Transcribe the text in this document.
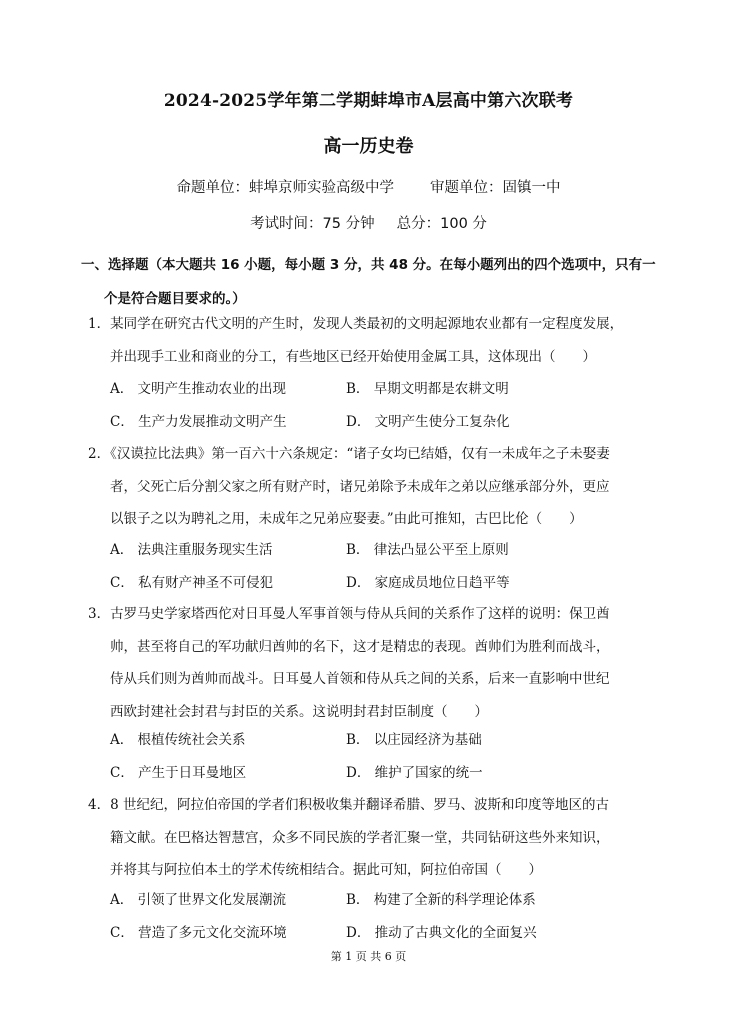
2024-2025学年第二学期蚌埠市A层高中第六次联考
高一历史卷
命题单位：蚌埠京师实验高级中学 审题单位：固镇一中
考试时间：75 分钟 总分：100 分
一、选择题（本大题共 16 小题，每小题 3 分，共 48 分。在每小题列出的四个选项中，只有一
个是符合题目要求的。）
1．某同学在研究古代文明的产生时，发现人类最初的文明起源地农业都有一定程度发展，
并出现手工业和商业的分工，有些地区已经开始使用金属工具，这体现出（　　）
A． 文明产生推动农业的出现	B． 早期文明都是农耕文明
C． 生产力发展推动文明产生	D． 文明产生使分工复杂化
2．《汉谟拉比法典》第一百六十六条规定：“诸子女均已结婚，仅有一未成年之子未娶妻
者，父死亡后分割父家之所有财产时，诸兄弟除予未成年之弟以应继承部分外，更应
以银子之以为聘礼之用，未成年之兄弟应娶妻。”由此可推知，古巴比伦（　　）
A． 法典注重服务现实生活	B． 律法凸显公平至上原则
C． 私有财产神圣不可侵犯	D． 家庭成员地位日趋平等
3．古罗马史学家塔西佗对日耳曼人军事首领与侍从兵间的关系作了这样的说明：保卫酋
帅，甚至将自己的军功献归酋帅的名下，这才是精忠的表现。酋帅们为胜利而战斗，
侍从兵们则为酋帅而战斗。日耳曼人首领和侍从兵之间的关系，后来一直影响中世纪
西欧封建社会封君与封臣的关系。这说明封君封臣制度（　　）
A． 根植传统社会关系	B． 以庄园经济为基础
C． 产生于日耳曼地区	D． 维护了国家的统一
4．8 世纪纪，阿拉伯帝国的学者们积极收集并翻译希腊、罗马、波斯和印度等地区的古
籍文献。在巴格达智慧宫，众多不同民族的学者汇聚一堂，共同钻研这些外来知识，
并将其与阿拉伯本土的学术传统相结合。据此可知，阿拉伯帝国（　　）
A． 引领了世界文化发展潮流	B． 构建了全新的科学理论体系
C． 营造了多元文化交流环境	D． 推动了古典文化的全面复兴
第 1 页 共 6 页
